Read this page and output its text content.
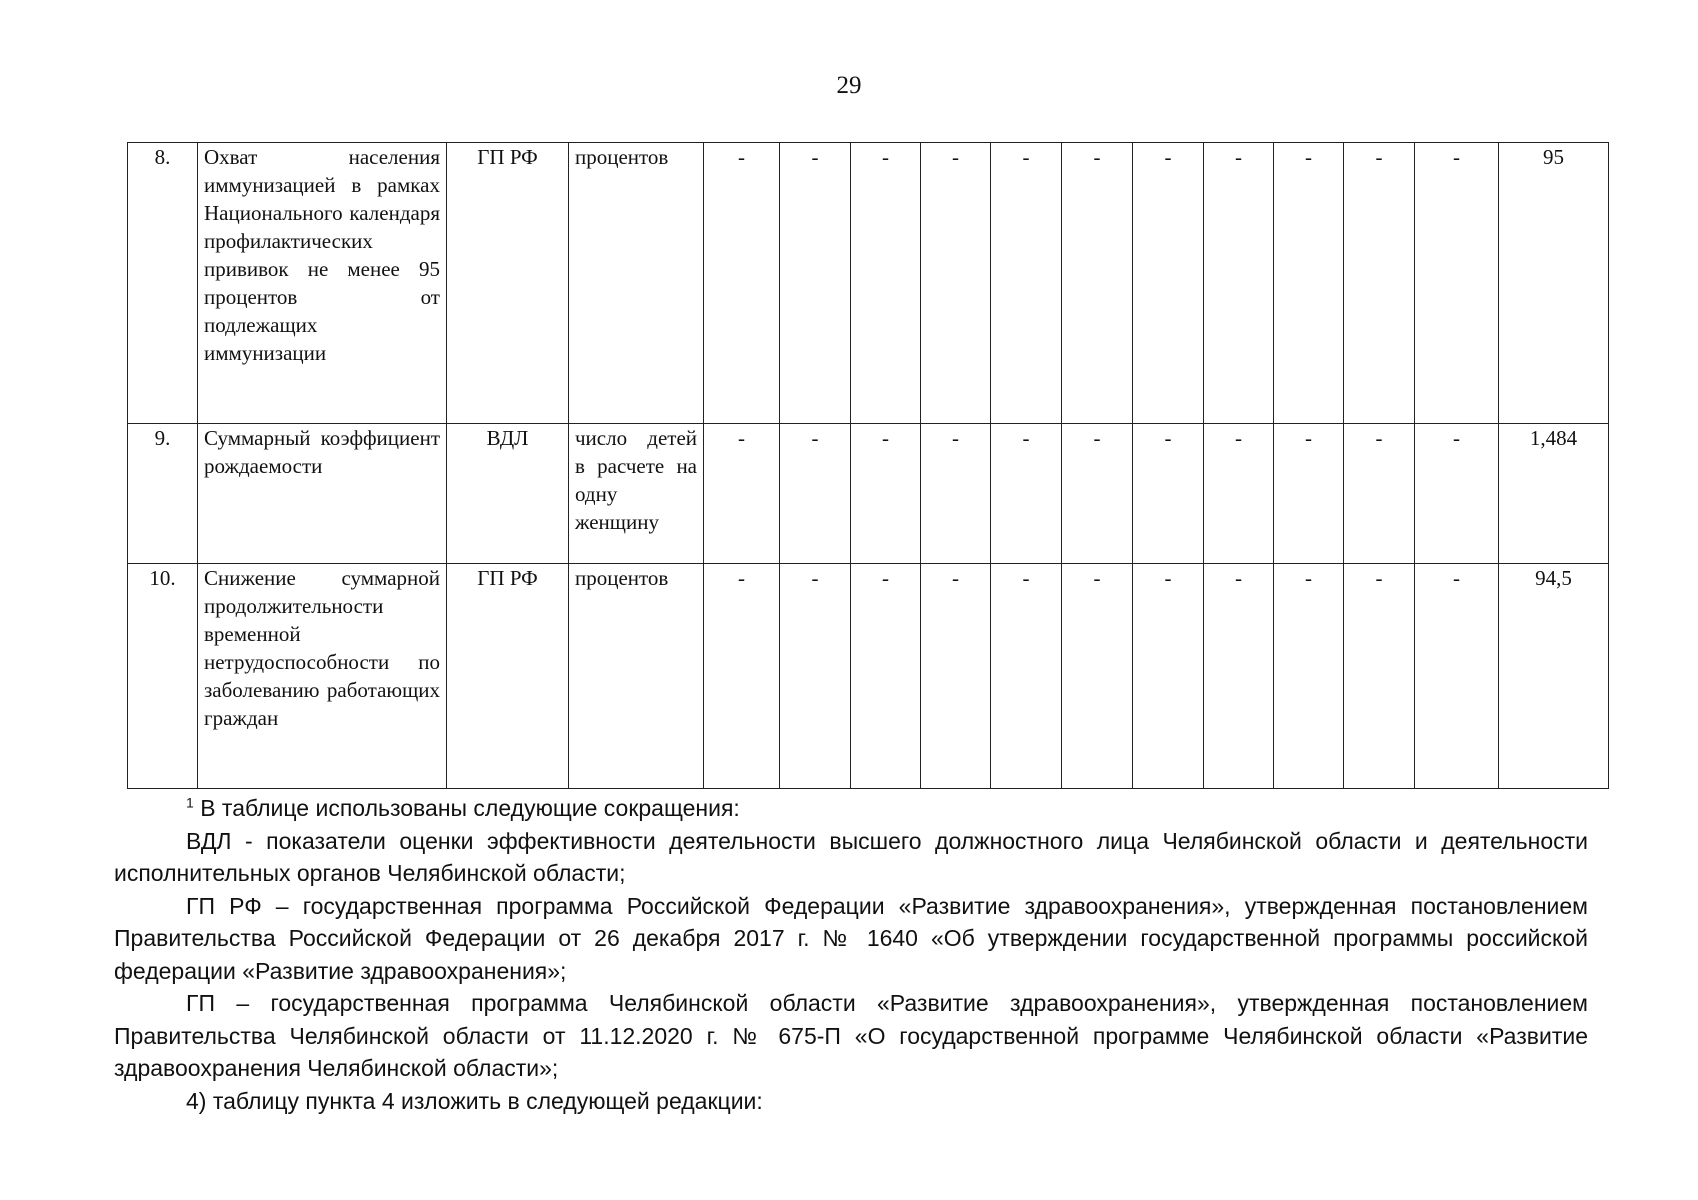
29
8.	Охват населения иммунизацией в рамках Национального календаря профилактических прививок не менее 95 процентов от подлежащих иммунизации	ГП РФ	процентов	-	-	-	-	-	-	-	-	-	-	-	95
9.	Суммарный коэффициент рождаемости	ВДЛ	число детей в расчете на одну женщину	-	-	-	-	-	-	-	-	-	-	-	1,484
10.	Снижение суммарной продолжительности временной нетрудоспособности по заболеванию работающих граждан	ГП РФ	процентов	-	-	-	-	-	-	-	-	-	-	-	94,5

$^1$ В таблице использованы следующие сокращения:

ВДЛ - показатели оценки эффективности деятельности высшего должностного лица Челябинской области и деятельности исполнительных органов Челябинской области;

ГП РФ – государственная программа Российской Федерации «Развитие здравоохранения», утвержденная постановлением Правительства Российской Федерации от 26 декабря 2017 г. № 1640 «Об утверждении государственной программы российской федерации «Развитие здравоохранения»;

ГП – государственная программа Челябинской области «Развитие здравоохранения», утвержденная постановлением Правительства Челябинской области от 11.12.2020 г. № 675-П «О государственной программе Челябинской области «Развитие здравоохранения Челябинской области»;

4) таблицу пункта 4 изложить в следующей редакции:
